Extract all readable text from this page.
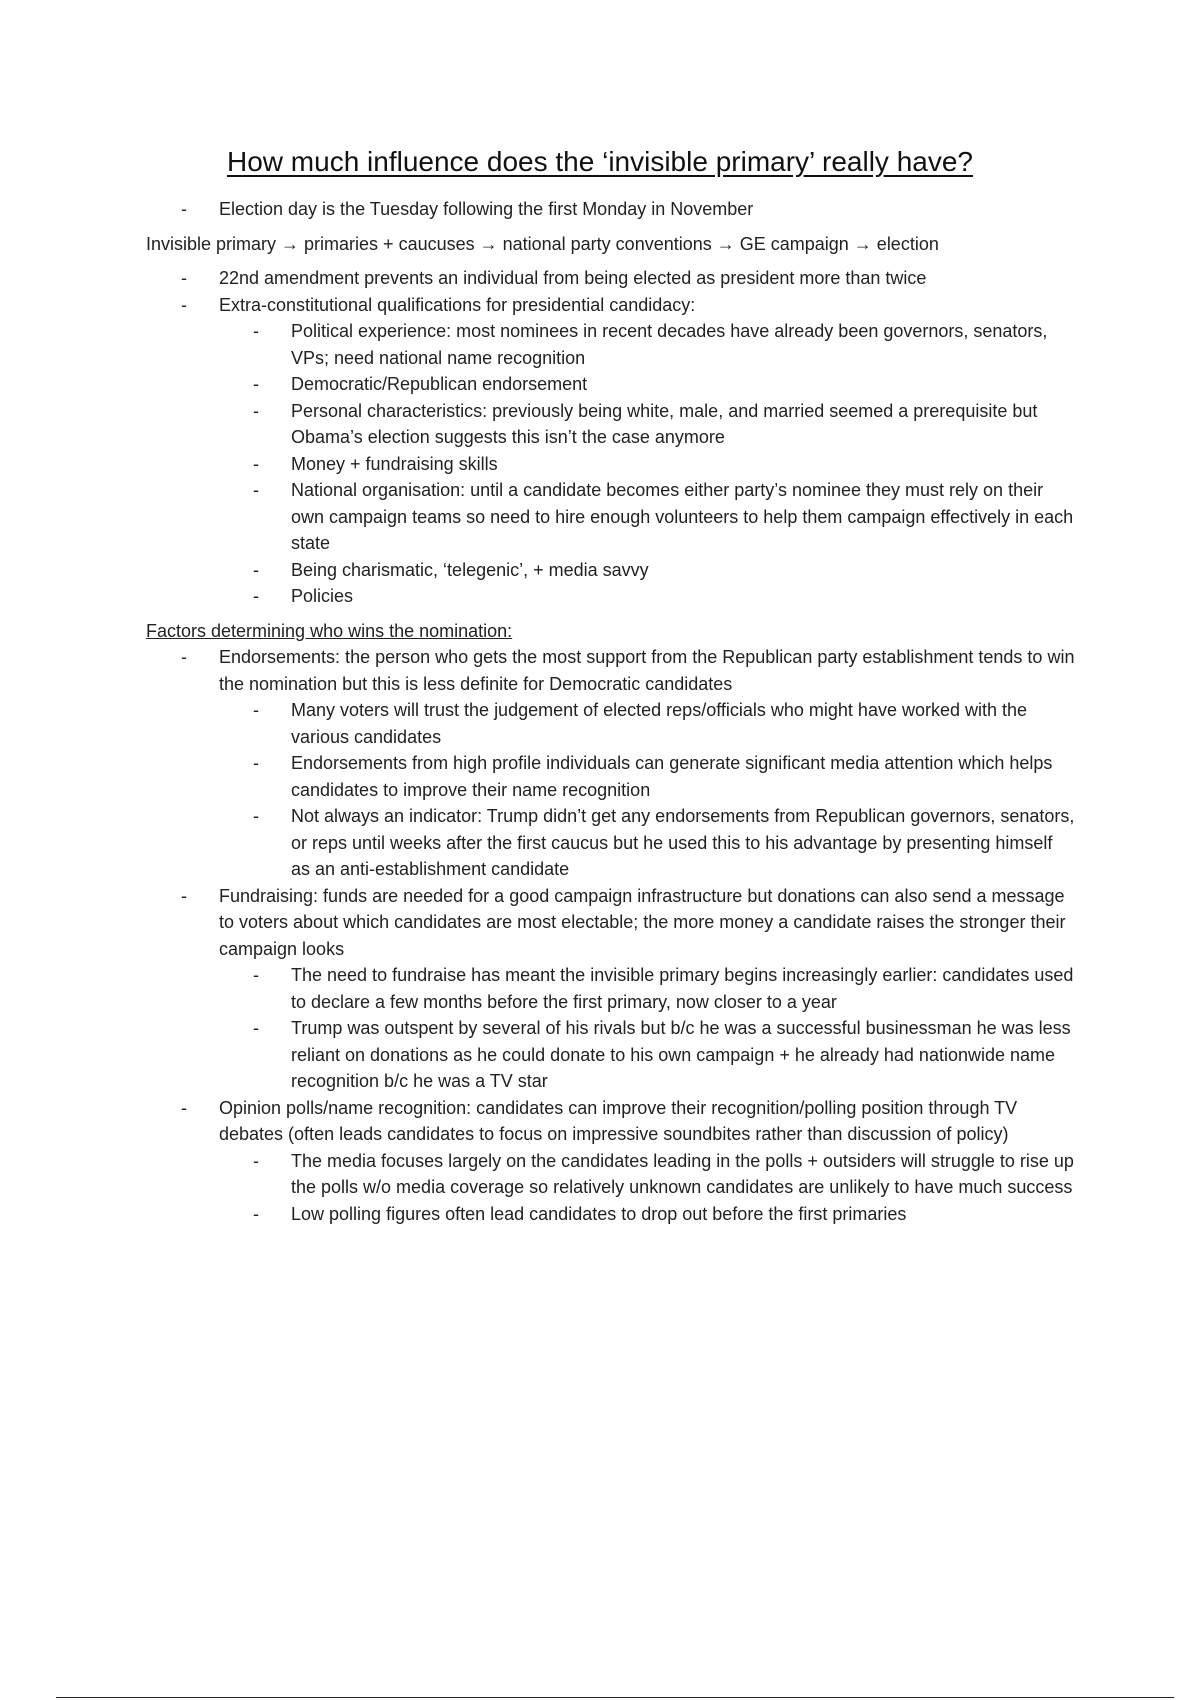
How much influence does the ‘invisible primary’ really have?
- Election day is the Tuesday following the first Monday in November
Invisible primary → primaries + caucuses → national party conventions → GE campaign → election
- 22nd amendment prevents an individual from being elected as president more than twice
- Extra-constitutional qualifications for presidential candidacy:
- Political experience: most nominees in recent decades have already been governors, senators, VPs; need national name recognition
- Democratic/Republican endorsement
- Personal characteristics: previously being white, male, and married seemed a prerequisite but Obama’s election suggests this isn’t the case anymore
- Money + fundraising skills
- National organisation: until a candidate becomes either party’s nominee they must rely on their own campaign teams so need to hire enough volunteers to help them campaign effectively in each state
- Being charismatic, ‘telegenic’, + media savvy
- Policies
Factors determining who wins the nomination:
- Endorsements: the person who gets the most support from the Republican party establishment tends to win the nomination but this is less definite for Democratic candidates
- Many voters will trust the judgement of elected reps/officials who might have worked with the various candidates
- Endorsements from high profile individuals can generate significant media attention which helps candidates to improve their name recognition
- Not always an indicator: Trump didn’t get any endorsements from Republican governors, senators, or reps until weeks after the first caucus but he used this to his advantage by presenting himself as an anti-establishment candidate
- Fundraising: funds are needed for a good campaign infrastructure but donations can also send a message to voters about which candidates are most electable; the more money a candidate raises the stronger their campaign looks
- The need to fundraise has meant the invisible primary begins increasingly earlier: candidates used to declare a few months before the first primary, now closer to a year
- Trump was outspent by several of his rivals but b/c he was a successful businessman he was less reliant on donations as he could donate to his own campaign + he already had nationwide name recognition b/c he was a TV star
- Opinion polls/name recognition: candidates can improve their recognition/polling position through TV debates (often leads candidates to focus on impressive soundbites rather than discussion of policy)
- The media focuses largely on the candidates leading in the polls + outsiders will struggle to rise up the polls w/o media coverage so relatively unknown candidates are unlikely to have much success
- Low polling figures often lead candidates to drop out before the first primaries
